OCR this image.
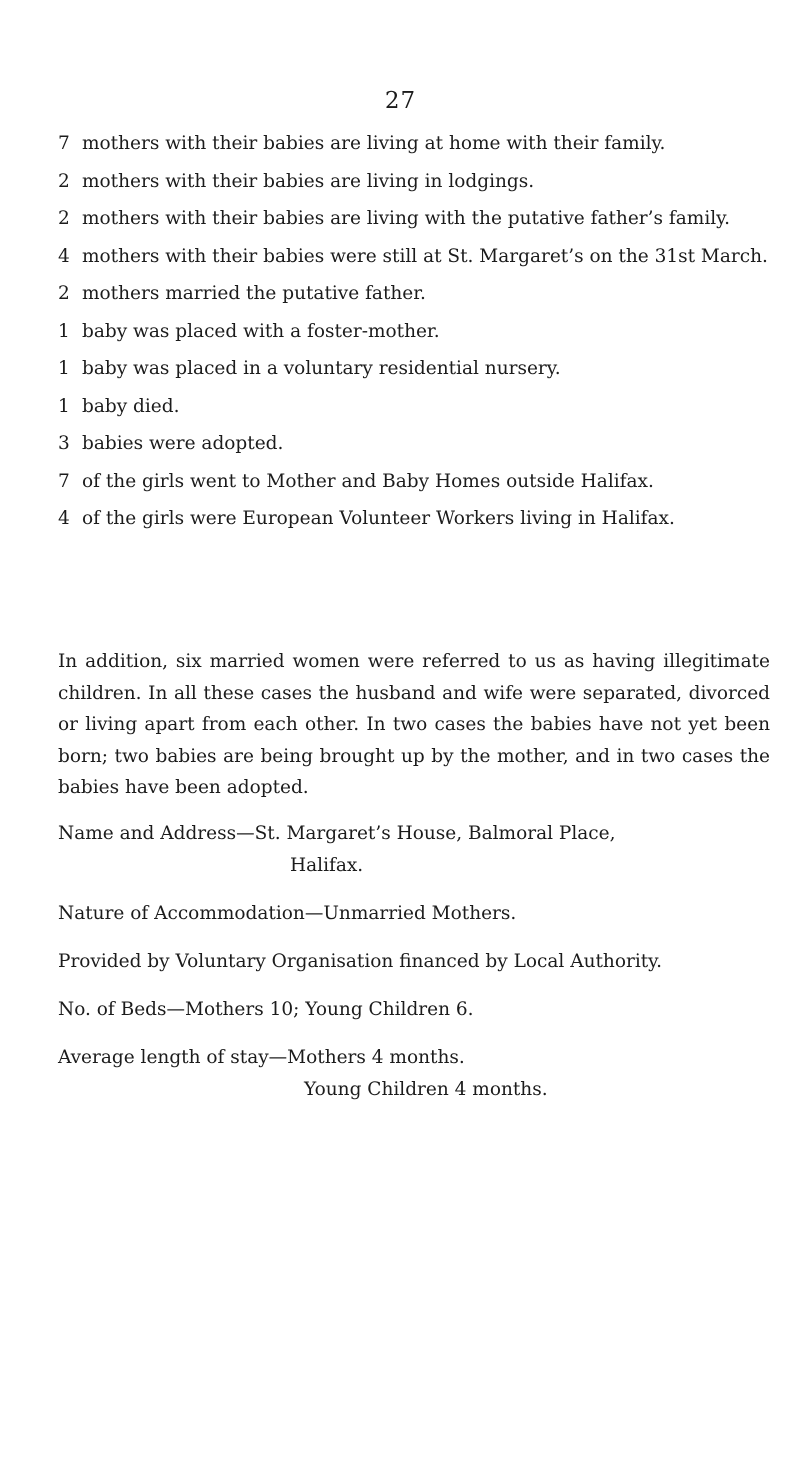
27
7 mothers with their babies are living at home with their family.
2 mothers with their babies are living in lodgings.
2 mothers with their babies are living with the putative father’s family.
4 mothers with their babies were still at St. Margaret’s on the 31st March.
2 mothers married the putative father.
1 baby was placed with a foster-mother.
1 baby was placed in a voluntary residential nursery.
1 baby died.
3 babies were adopted.
7 of the girls went to Mother and Baby Homes outside Halifax.
4 of the girls were European Volunteer Workers living in Halifax.
In addition, six married women were referred to us as having illegitimate children. In all these cases the husband and wife were separated, divorced or living apart from each other. In two cases the babies have not yet been born; two babies are being brought up by the mother, and in two cases the babies have been adopted.
Name and Address—St. Margaret’s House, Balmoral Place,
Halifax.
Nature of Accommodation—Unmarried Mothers.
Provided by Voluntary Organisation financed by Local Authority.
No. of Beds—Mothers 10; Young Children 6.
Average length of stay—Mothers 4 months.
Young Children 4 months.
